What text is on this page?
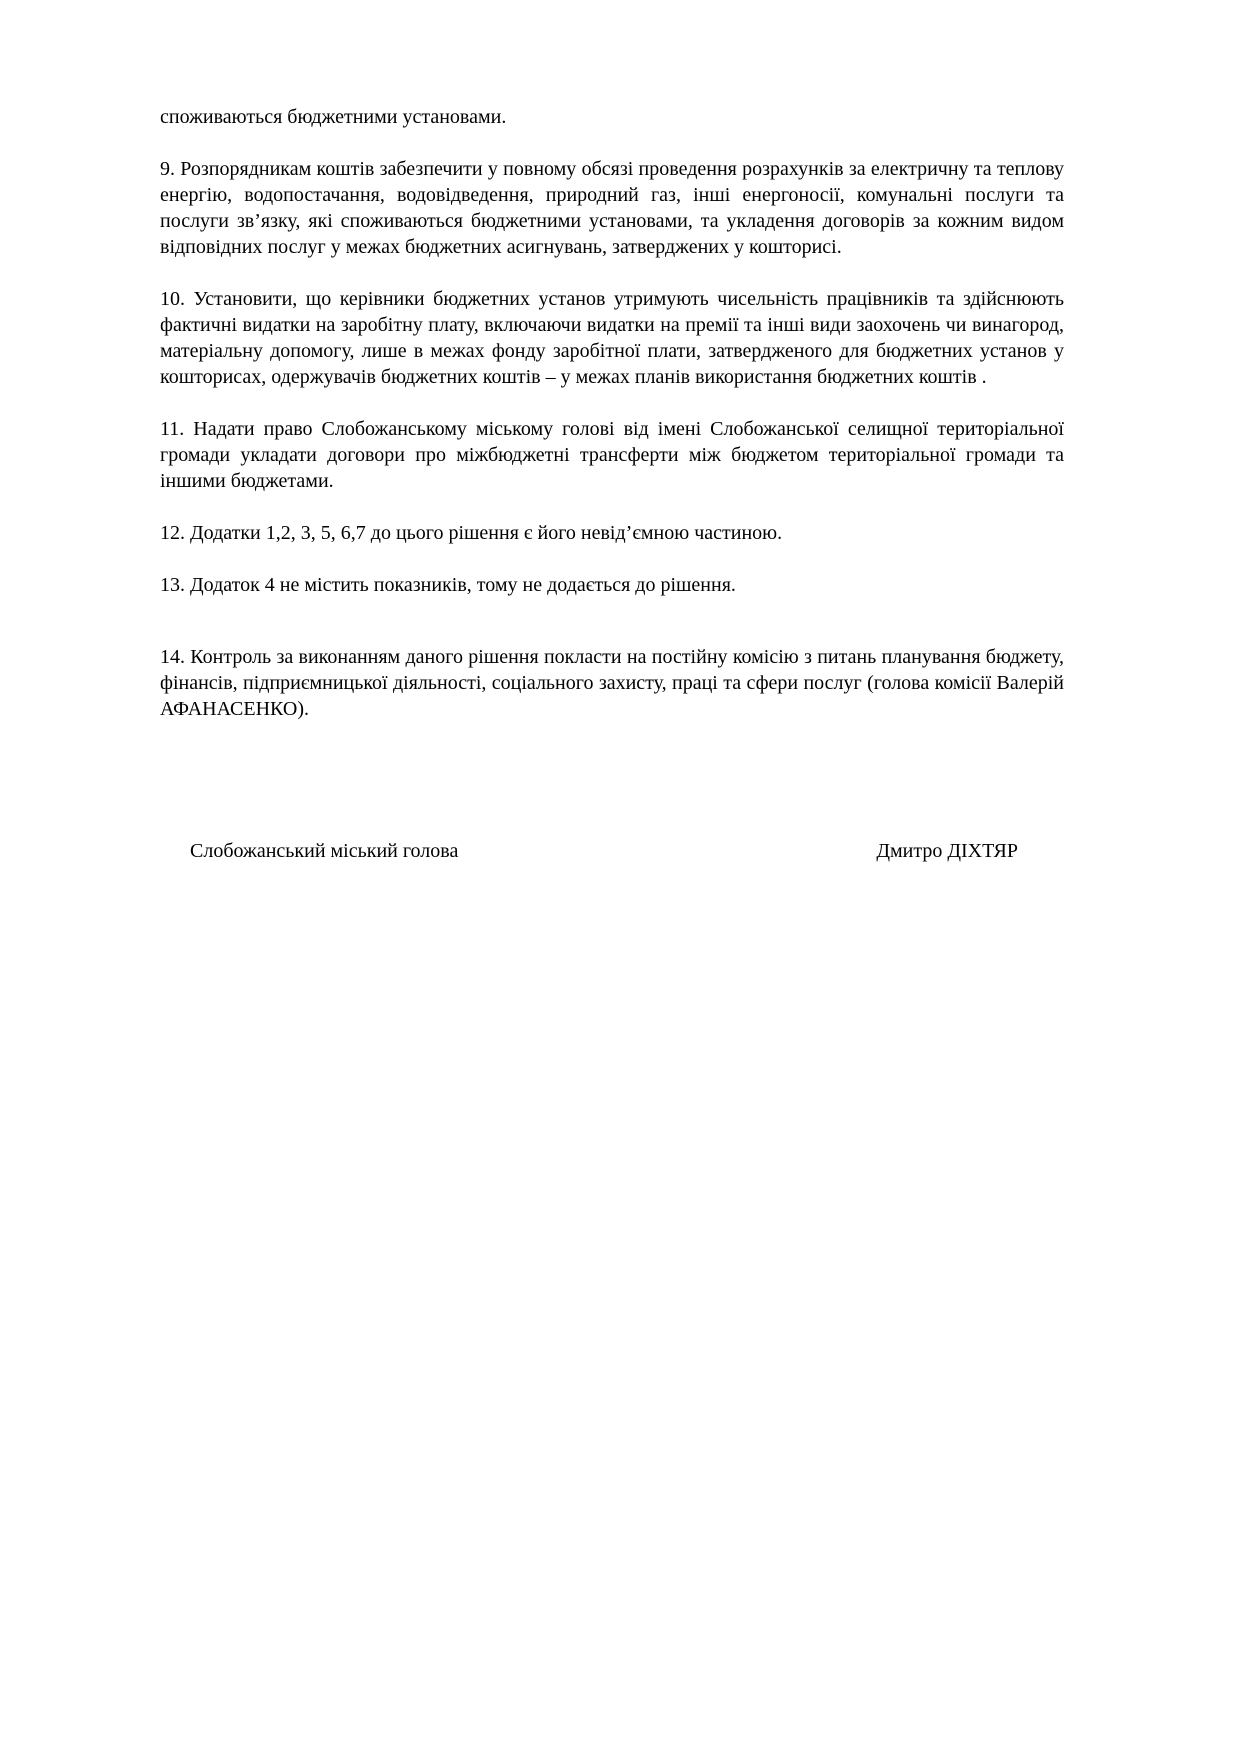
споживаються бюджетними установами.

9. Розпорядникам коштів забезпечити у повному обсязі проведення розрахунків за електричну та теплову енергію, водопостачання, водовідведення, природний газ, інші енергоносії, комунальні послуги та послуги зв’язку, які споживаються бюджетними установами, та укладення договорів за кожним видом відповідних послуг у межах бюджетних асигнувань, затверджених у кошторисі.

10. Установити, що керівники бюджетних установ утримують чисельність працівників та здійснюють фактичні видатки на заробітну плату, включаючи видатки на премії та інші види заохочень чи винагород, матеріальну допомогу, лише в межах фонду заробітної плати, затвердженого для бюджетних установ у кошторисах, одержувачів бюджетних коштів – у межах планів використання бюджетних коштів .

11. Надати право Слобожанському міському голові від імені Слобожанської селищної територіальної громади укладати договори про міжбюджетні трансферти між бюджетом територіальної громади та іншими бюджетами.

12. Додатки 1,2, 3, 5, 6,7 до цього рішення є його невід’ємною частиною.

13. Додаток 4 не містить показників, тому не додається до рішення.

14. Контроль за виконанням даного рішення покласти на постійну комісію з питань планування бюджету, фінансів, підприємницької діяльності, соціального захисту, праці та сфери послуг (голова комісії Валерій АФАНАСЕНКО).

Слобожанський міський голова	Дмитро ДІХТЯР
